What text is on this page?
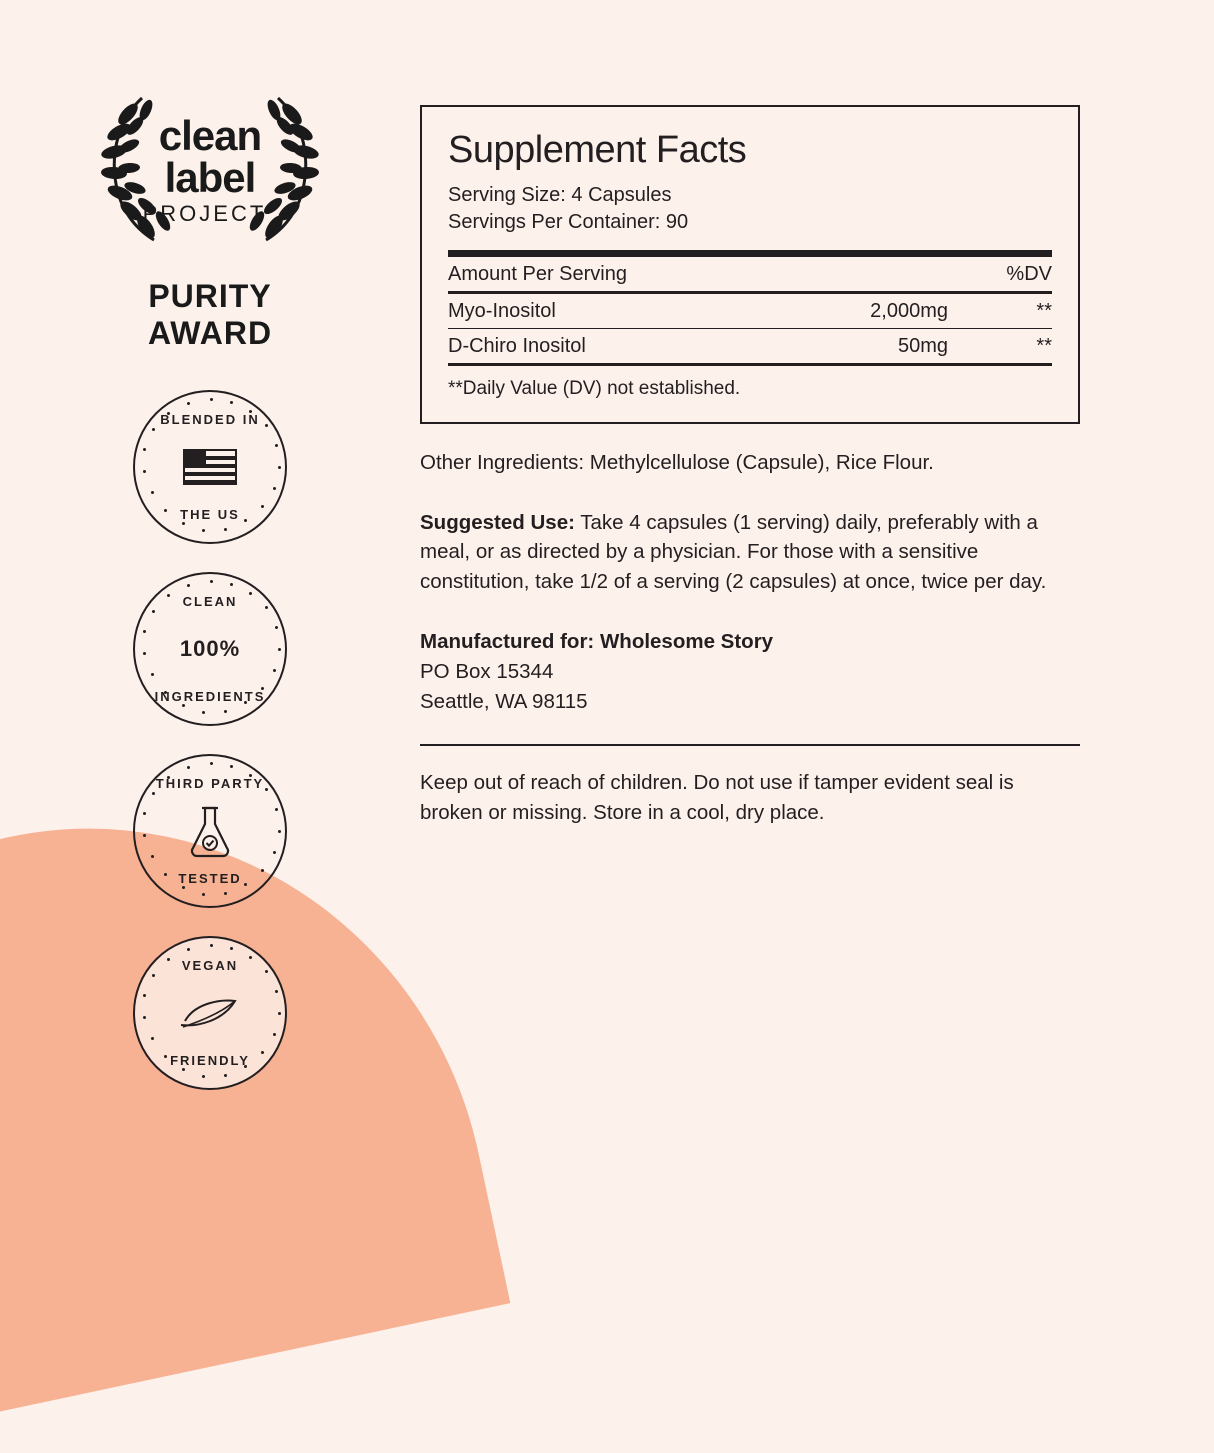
clean
label
PROJECT®
PURITY
AWARD
BLENDED IN
THE US
CLEAN
100%
INGREDIENTS
THIRD PARTY
TESTED
VEGAN
FRIENDLY
Supplement Facts
Serving Size: 4 Capsules
Servings Per Container: 90
Amount Per Serving		%DV
Myo-Inositol	2,000mg	**
D-Chiro Inositol	50mg	**
**Daily Value (DV) not established.
Other Ingredients: Methylcellulose (Capsule), Rice Flour.
Suggested Use: Take 4 capsules (1 serving) daily, preferably with a meal, or as directed by a physician. For those with a sensitive constitution, take 1/2 of a serving (2 capsules) at once, twice per day.
Manufactured for: Wholesome Story
PO Box 15344
Seattle, WA 98115
Keep out of reach of children. Do not use if tamper evident seal is broken or missing. Store in a cool, dry place.
